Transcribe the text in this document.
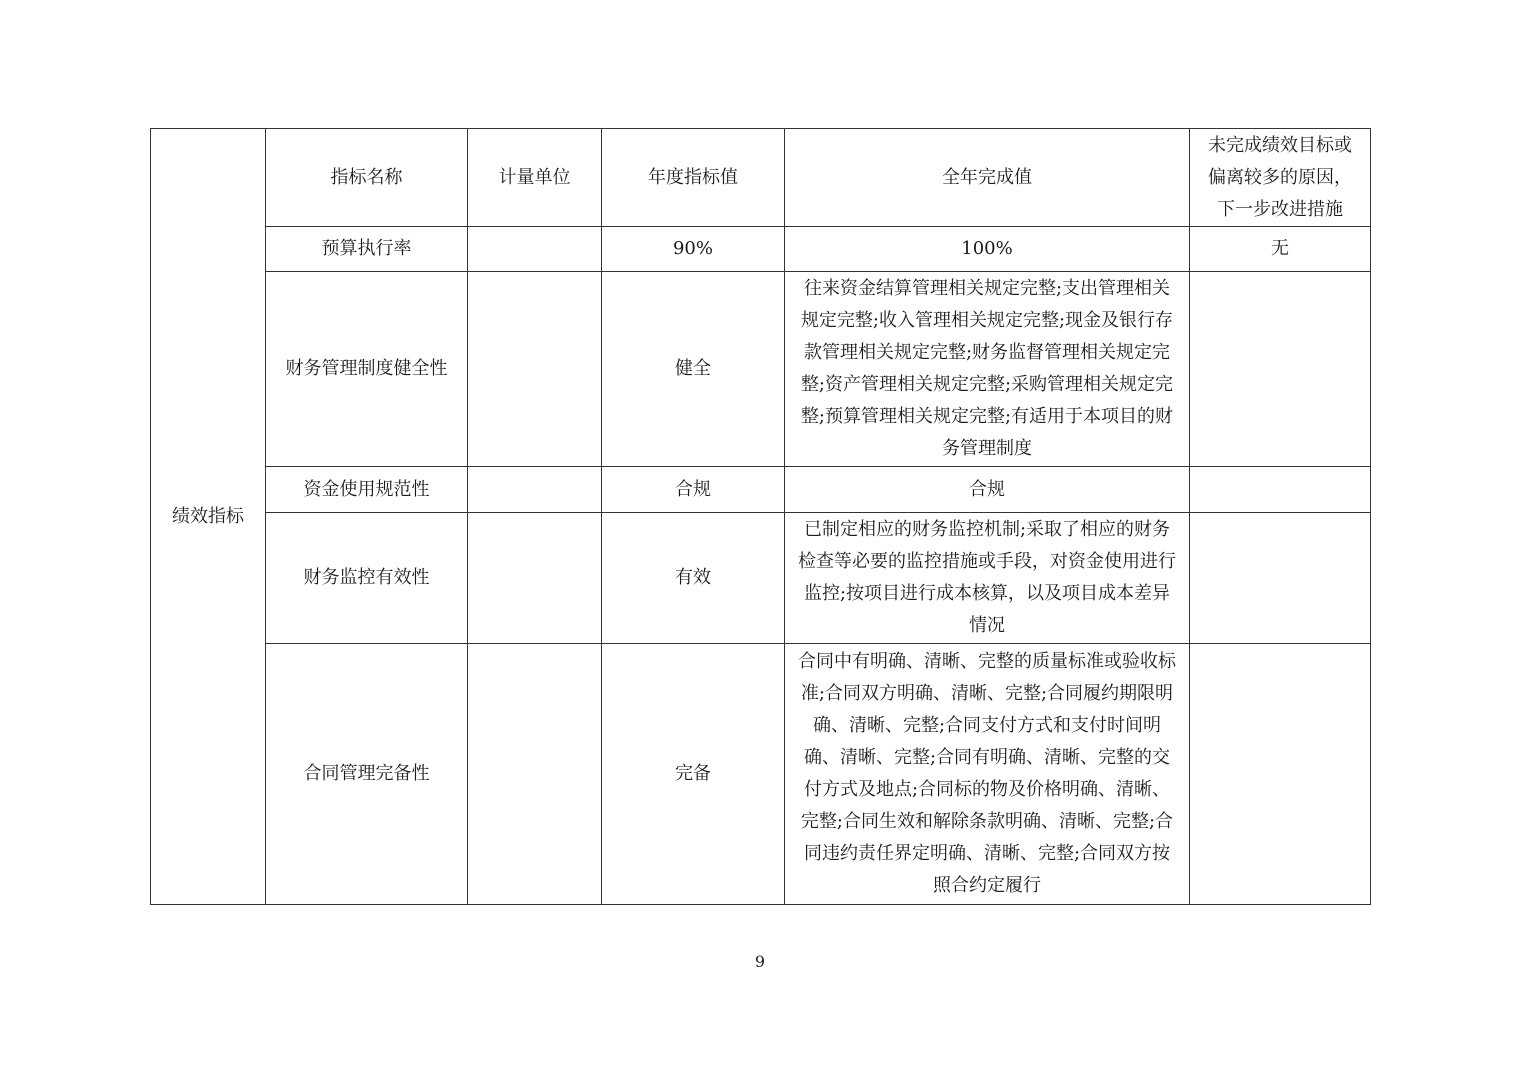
绩效指标	指标名称	计量单位	年度指标值	全年完成值	未完成绩效目标或偏离较多的原因，下一步改进措施
	预算执行率		90%	100%	无
	财务管理制度健全性		健全	往来资金结算管理相关规定完整;支出管理相关规定完整;收入管理相关规定完整;现金及银行存款管理相关规定完整;财务监督管理相关规定完整;资产管理相关规定完整;采购管理相关规定完整;预算管理相关规定完整;有适用于本项目的财务管理制度	
	资金使用规范性		合规	合规	
	财务监控有效性		有效	已制定相应的财务监控机制;采取了相应的财务检查等必要的监控措施或手段，对资金使用进行监控;按项目进行成本核算，以及项目成本差异情况	
	合同管理完备性		完备	合同中有明确、清晰、完整的质量标准或验收标准;合同双方明确、清晰、完整;合同履约期限明确、清晰、完整;合同支付方式和支付时间明确、清晰、完整;合同有明确、清晰、完整的交付方式及地点;合同标的物及价格明确、清晰、完整;合同生效和解除条款明确、清晰、完整;合同违约责任界定明确、清晰、完整;合同双方按照合约定履行	
9
